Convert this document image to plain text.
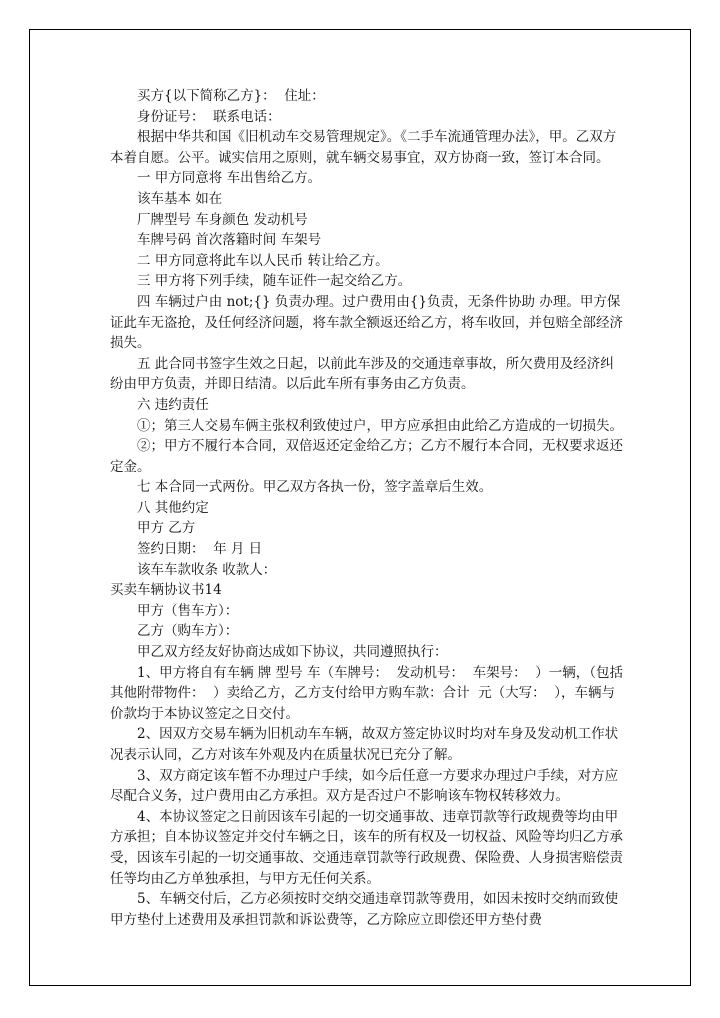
买方{以下简称乙方}：  住址：

身份证号：  联系电话：

根据中华共和国《旧机动车交易管理规定》。《二手车流通管理办法》，甲。乙双方本着自愿。公平。诚实信用之原则，就车辆交易事宜，双方协商一致，签订本合同。

一 甲方同意将 车出售给乙方。

该车基本 如在

厂牌型号 车身颜色 发动机号

车牌号码 首次落籍时间 车架号

二 甲方同意将此车以人民币 转让给乙方。

三 甲方将下列手续，随车证件一起交给乙方。

四 车辆过户由 not;{} 负责办理。过户费用由{}负责，无条件协助 办理。甲方保证此车无盗抢，及任何经济问题，将车款全额返还给乙方，将车收回，并包赔全部经济损失。

五 此合同书签字生效之日起，以前此车涉及的交通违章事故，所欠费用及经济纠纷由甲方负责，并即日结清。以后此车所有事务由乙方负责。

六 违约责任

①；第三人交易车俩主张权利致使过户，甲方应承担由此给乙方造成的一切损失。

②；甲方不履行本合同，双倍返还定金给乙方；乙方不履行本合同，无权要求返还定金。

七 本合同一式两份。甲乙双方各执一份，签字盖章后生效。

八 其他约定

甲方 乙方

签约日期：  年 月 日

该车车款收条 收款人：

买卖车辆协议书14

甲方（售车方）：

乙方（购车方）：

甲乙双方经友好协商达成如下协议，共同遵照执行：

1、甲方将自有车辆 牌 型号 车（车牌号：  发动机号：  车架号：  ）一辆，（包括其他附带物件：  ）卖给乙方，乙方支付给甲方购车款：合计  元（大写：  ），车辆与价款均于本协议签定之日交付。

2、因双方交易车辆为旧机动车车辆，故双方签定协议时均对车身及发动机工作状况表示认同，乙方对该车外观及内在质量状况已充分了解。

3、双方商定该车暂不办理过户手续，如今后任意一方要求办理过户手续，对方应尽配合义务，过户费用由乙方承担。双方是否过户不影响该车物权转移效力。

4、本协议签定之日前因该车引起的一切交通事故、违章罚款等行政规费等均由甲方承担；自本协议签定并交付车辆之日，该车的所有权及一切权益、风险等均归乙方承受，因该车引起的一切交通事故、交通违章罚款等行政规费、保险费、人身损害赔偿责任等均由乙方单独承担，与甲方无任何关系。

5、车辆交付后，乙方必须按时交纳交通违章罚款等费用，如因未按时交纳而致使甲方垫付上述费用及承担罚款和诉讼费等，乙方除应立即偿还甲方垫付费
